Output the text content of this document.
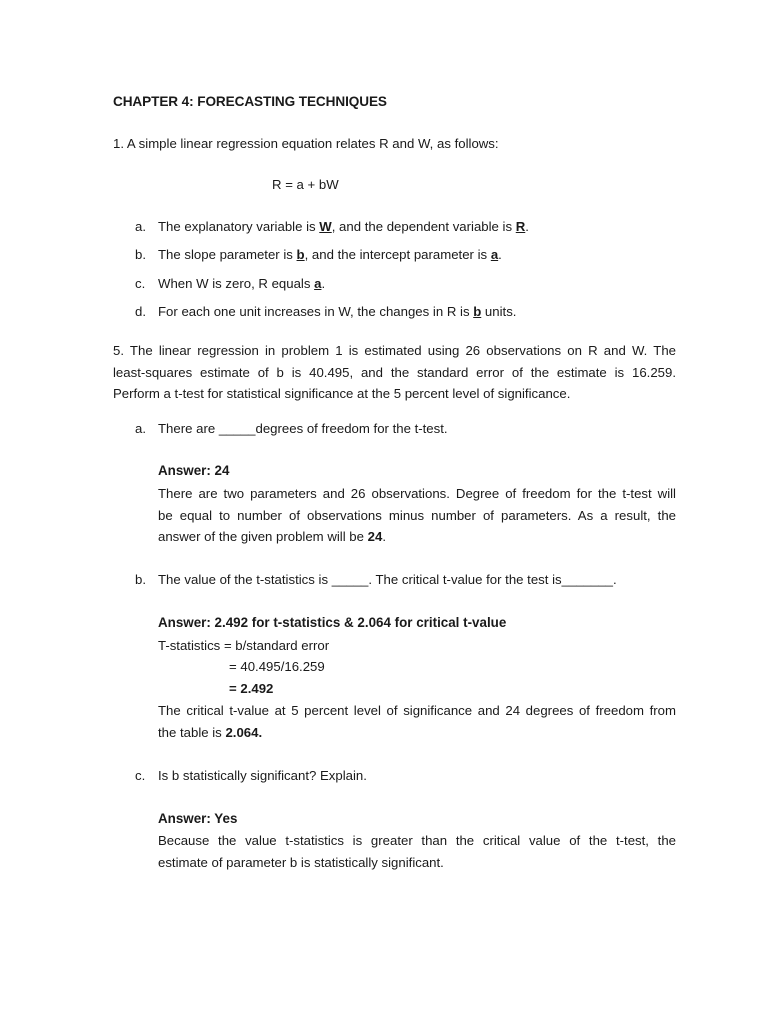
CHAPTER 4: FORECASTING TECHNIQUES
1. A simple linear regression equation relates R and W, as follows:
R = a + bW
a. The explanatory variable is W, and the dependent variable is R.
b. The slope parameter is b, and the intercept parameter is a.
c. When W is zero, R equals a.
d. For each one unit increases in W, the changes in R is b units.
5. The linear regression in problem 1 is estimated using 26 observations on R and W. The
least-squares estimate of b is 40.495, and the standard error of the estimate is 16.259.
Perform a t-test for statistical significance at the 5 percent level of significance.
a. There are _____degrees of freedom for the t-test.
Answer: 24
There are two parameters and 26 observations. Degree of freedom for the t-test will
be equal to number of observations minus number of parameters. As a result, the
answer of the given problem will be 24.
b. The value of the t-statistics is _____. The critical t-value for the test is_______.
Answer: 2.492 for t-statistics & 2.064 for critical t-value
T-statistics = b/standard error
= 40.495/16.259
= 2.492
The critical t-value at 5 percent level of significance and 24 degrees of freedom from
the table is 2.064.
c. Is b statistically significant? Explain.
Answer: Yes
Because the value t-statistics is greater than the critical value of the t-test, the
estimate of parameter b is statistically significant.
